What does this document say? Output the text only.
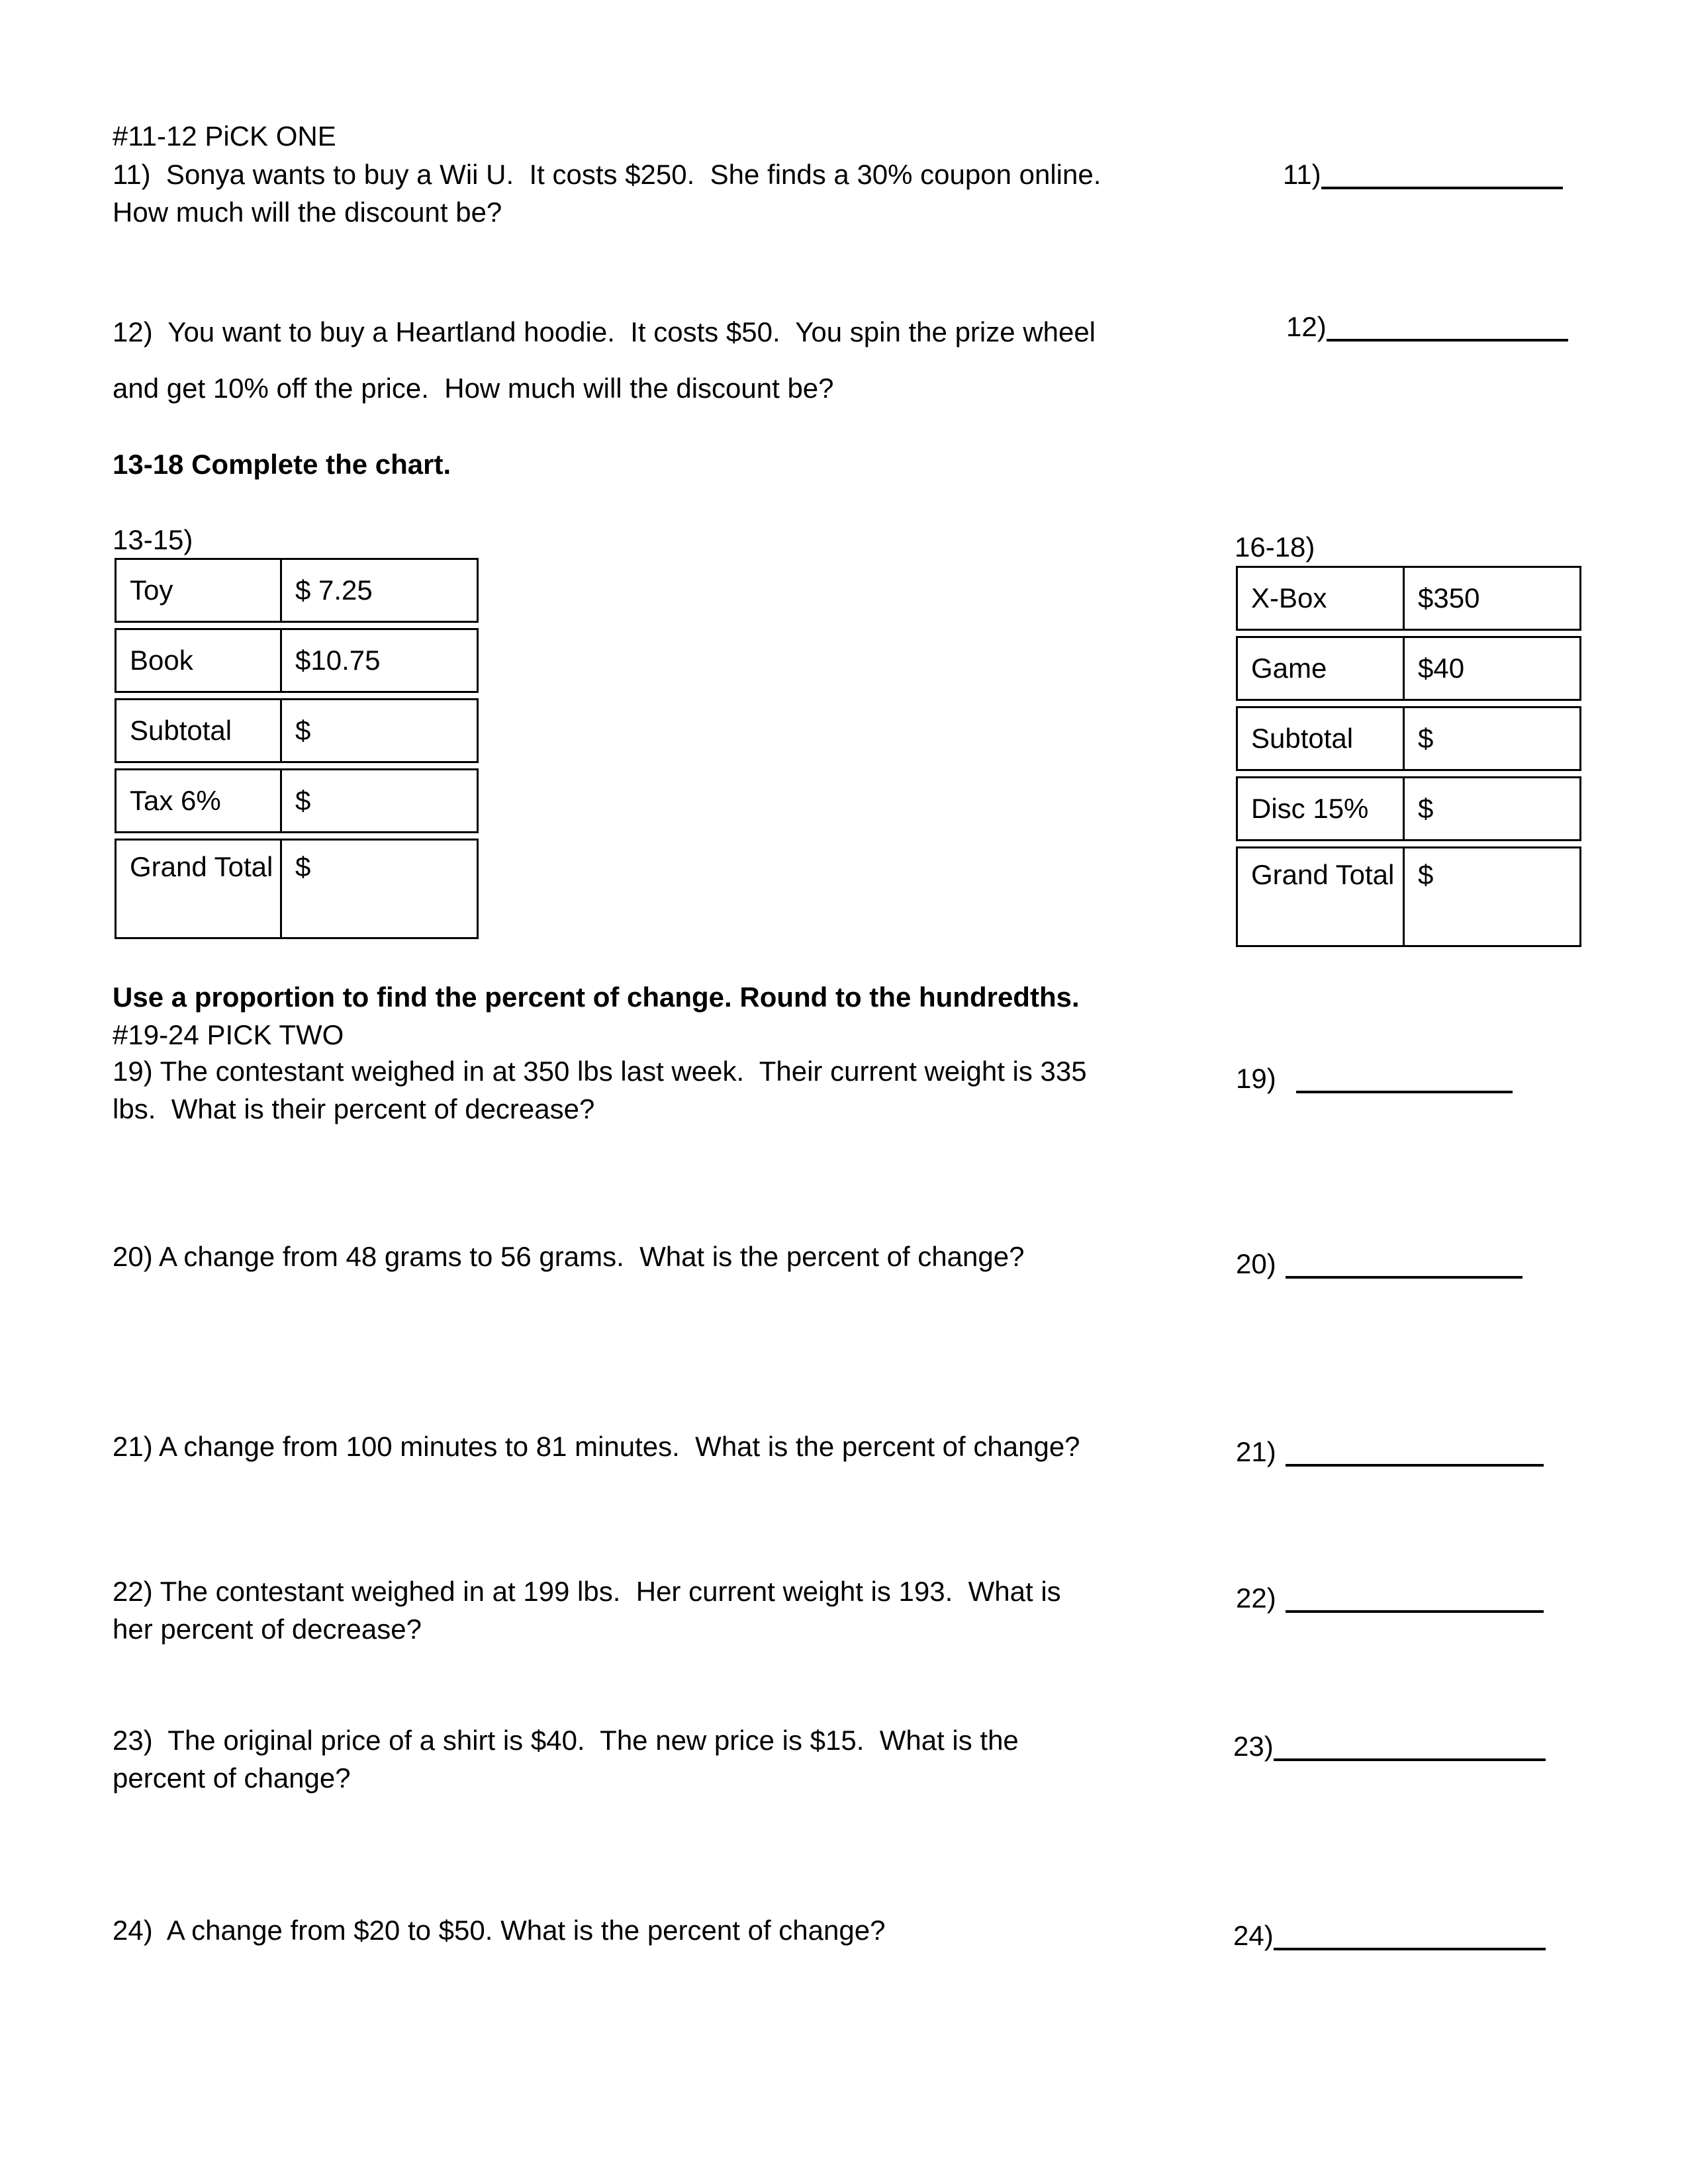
#11-12 PiCK ONE
11)  Sonya wants to buy a Wii U.  It costs $250.  She finds a 30% coupon online.
How much will the discount be?
11)
12)  You want to buy a Heartland hoodie.  It costs $50.  You spin the prize wheel	12)
and get 10% off the price.  How much will the discount be?
13-18 Complete the chart.
13-15)
Toy	$ 7.25
Book	$10.75
Subtotal	$
Tax 6%	$
Grand Total $
16-18)
X-Box	$350
Game	$40
Subtotal	$
Disc 15%	$
Grand Total $
Use a proportion to find the percent of change. Round to the hundredths.
#19-24 PICK TWO
19) The contestant weighed in at 350 lbs last week.  Their current weight is 335
lbs.  What is their percent of decrease?
19)
20) A change from 48 grams to 56 grams.  What is the percent of change?	20)
21) A change from 100 minutes to 81 minutes.  What is the percent of change?	21)
22) The contestant weighed in at 199 lbs.  Her current weight is 193.  What is
her percent of decrease?
22)
23)  The original price of a shirt is $40.  The new price is $15.  What is the
percent of change?
23)
24)  A change from $20 to $50. What is the percent of change?	24)
